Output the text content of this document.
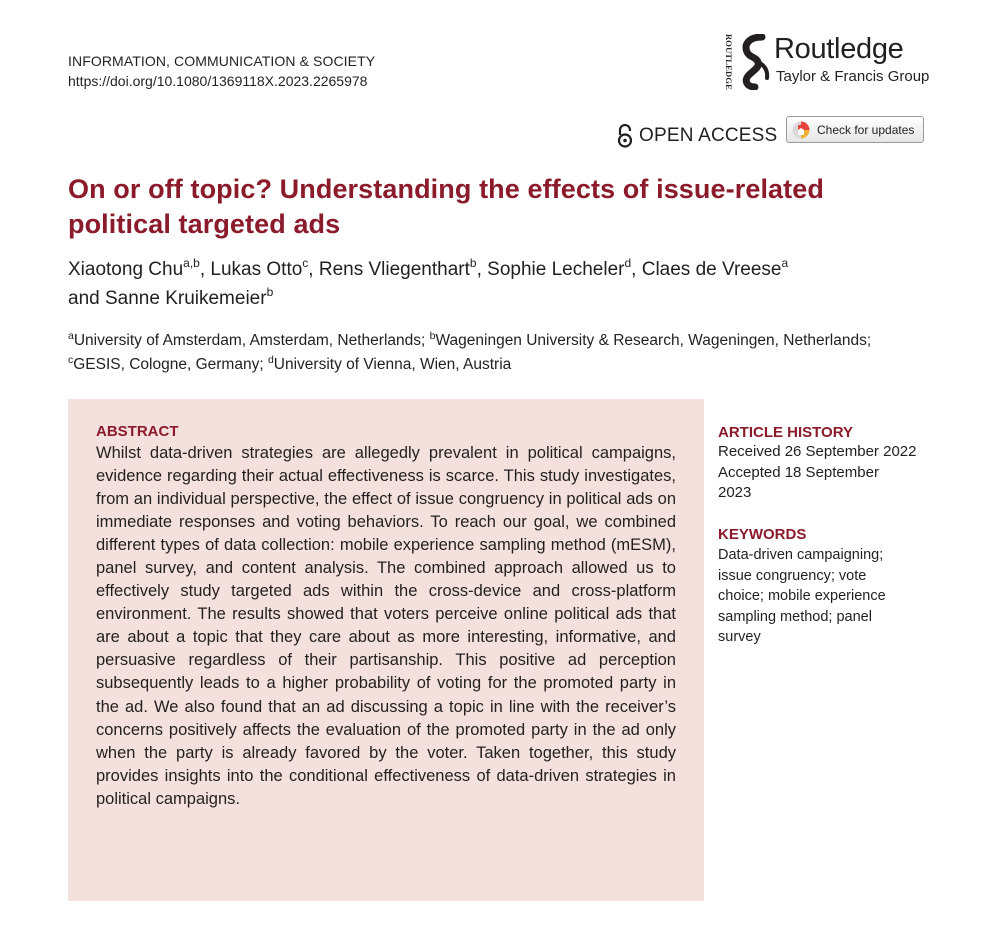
INFORMATION, COMMUNICATION & SOCIETY
https://doi.org/10.1080/1369118X.2023.2265978	ROUTLEDGE Routledge
Taylor & Francis Group
OPEN ACCESS	Check for updates
On or off topic? Understanding the effects of issue-related
political targeted ads
Xiaotong Chu$^{a,b}$, Lukas Otto$^c$, Rens Vliegenthart$^b$, Sophie Lecheler$^d$, Claes de Vreese$^a$
and Sanne Kruikemeier$^b$
$^a$University of Amsterdam, Amsterdam, Netherlands; $^b$Wageningen University & Research, Wageningen, Netherlands; $^c$GESIS, Cologne, Germany; $^d$University of Vienna, Wien, Austria
ABSTRACT
Whilst data-driven strategies are allegedly prevalent in political campaigns, evidence regarding their actual effectiveness is scarce. This study investigates, from an individual perspective, the effect of issue congruency in political ads on immediate responses and voting behaviors. To reach our goal, we combined different types of data collection: mobile experience sampling method (mESM), panel survey, and content analysis. The combined approach allowed us to effectively study targeted ads within the cross-device and cross-platform environment. The results showed that voters perceive online political ads that are about a topic that they care about as more interesting, informative, and persuasive regardless of their partisanship. This positive ad perception subsequently leads to a higher probability of voting for the promoted party in the ad. We also found that an ad discussing a topic in line with the receiver’s concerns positively affects the evaluation of the promoted party in the ad only when the party is already favored by the voter. Taken together, this study provides insights into the conditional effectiveness of data-driven strategies in political campaigns.
ARTICLE HISTORY
Received 26 September 2022
Accepted 18 September
2023
KEYWORDS
Data-driven campaigning;
issue congruency; vote
choice; mobile experience
sampling method; panel
survey
